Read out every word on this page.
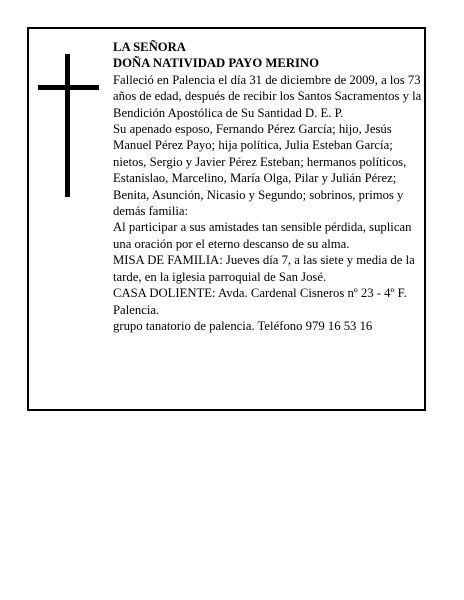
LA SEÑORA

DOÑA NATIVIDAD PAYO MERINO

Falleció en Palencia el día 31 de diciembre de 2009, a los 73 años de edad, después de recibir los Santos Sacramentos y la Bendición Apostólica de Su Santidad D. E. P.

Su apenado esposo, Fernando Pérez García; hijo, Jesús Manuel Pérez Payo; hija política, Julia Esteban García; nietos, Sergio y Javier Pérez Esteban; hermanos políticos, Estanislao, Marcelino, María Olga, Pilar y Julián Pérez; Benita, Asunción, Nicasio y Segundo; sobrinos, primos y demás familia:

Al participar a sus amistades tan sensible pérdida, suplican una oración por el eterno descanso de su alma.

MISA DE FAMILIA: Jueves día 7, a las siete y media de la tarde, en la iglesia parroquial de San José.

CASA DOLIENTE: Avda. Cardenal Cisneros nº 23 - 4º F. Palencia.

grupo tanatorio de palencia. Teléfono 979 16 53 16
